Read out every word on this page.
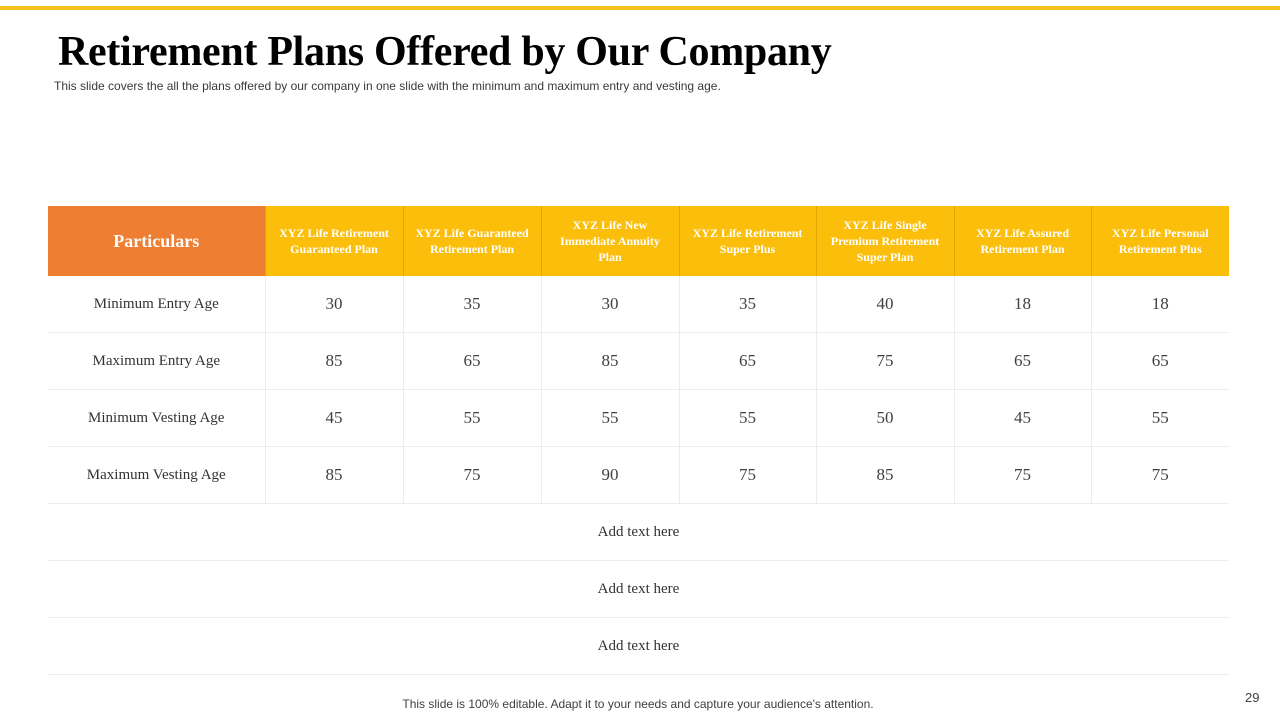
Retirement Plans Offered by Our Company
This slide covers the all the plans offered by our company in one slide with the minimum and maximum entry and vesting age.
Particulars	XYZ Life Retirement Guaranteed Plan	XYZ Life Guaranteed Retirement Plan	XYZ Life New Immediate Annuity Plan	XYZ Life Retirement Super Plus	XYZ Life Single Premium Retirement Super Plan	XYZ Life Assured Retirement Plan	XYZ Life Personal Retirement Plus
Minimum Entry Age	30	35	30	35	40	18	18
Maximum Entry Age	85	65	85	65	75	65	65
Minimum Vesting Age	45	55	55	55	50	45	55
Maximum Vesting Age	85	75	90	75	85	75	75
Add text here							
Add text here							
Add text here							
This slide is 100% editable. Adapt it to your needs and capture your audience's attention.	29
